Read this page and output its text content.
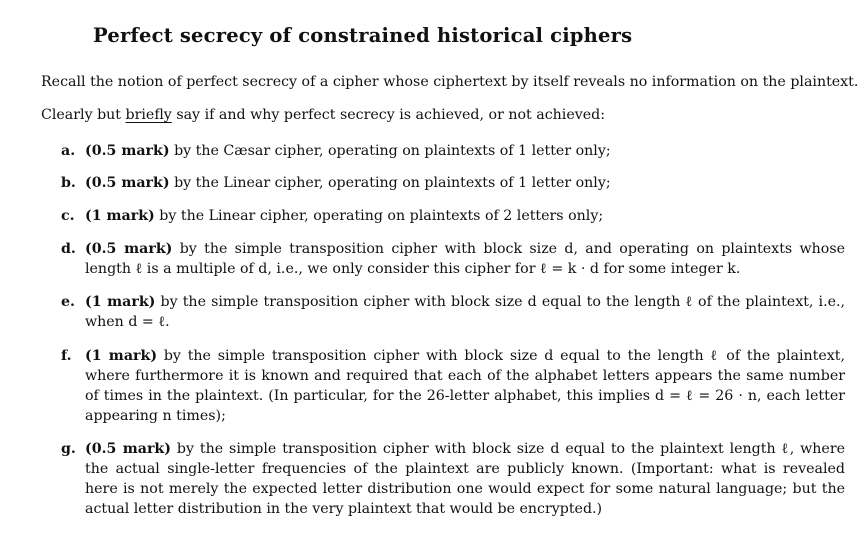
Perfect secrecy of constrained historical ciphers
Recall the notion of perfect secrecy of a cipher whose ciphertext by itself reveals no information on the plaintext.
Clearly but briefly say if and why perfect secrecy is achieved, or not achieved:
a. (0.5 mark) by the Cæsar cipher, operating on plaintexts of 1 letter only;
b. (0.5 mark) by the Linear cipher, operating on plaintexts of 1 letter only;
c. (1 mark) by the Linear cipher, operating on plaintexts of 2 letters only;
d. (0.5 mark) by the simple transposition cipher with block size d, and operating on plaintexts whose length ℓ is a multiple of d, i.e., we only consider this cipher for ℓ = k · d for some integer k.
e. (1 mark) by the simple transposition cipher with block size d equal to the length ℓ of the plaintext, i.e., when d = ℓ.
f. (1 mark) by the simple transposition cipher with block size d equal to the length ℓ of the plaintext, where furthermore it is known and required that each of the alphabet letters appears the same number of times in the plaintext. (In particular, for the 26-letter alphabet, this implies d = ℓ = 26 · n, each letter appearing n times);
g. (0.5 mark) by the simple transposition cipher with block size d equal to the plaintext length ℓ, where the actual single-letter frequencies of the plaintext are publicly known. (Important: what is revealed here is not merely the expected letter distribution one would expect for some natural language; but the actual letter distribution in the very plaintext that would be encrypted.)
